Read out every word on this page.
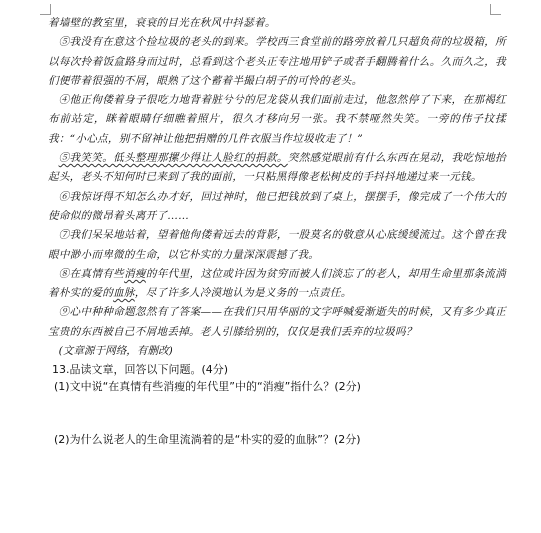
着墙壁的教室里，衰衰的目光在秋风中抖瑟着。

⑤我没有在意这个捡垃圾的老头的到来。学校西三食堂前的路旁放着几只超负荷的垃圾箱，所以每次拎着饭盒路身而过时，总看到这个老头正专注地用铲子或者手翻腾着什么。久而久之，我们便带着很强的不屑，眼熟了这个蓄着半撮白胡子的可怜的老头。

④他正佝偻着身子很吃力地背着脏兮兮的尼龙袋从我们面前走过，他忽然停了下来，在那褐红布前站定，眯着眼睛仔细瞧着照片，很久才移向另一张。我不禁哑然失笑。一旁的伟子抆揉我：“小心点，别不留神让他把捐赠的几件衣服当作垃圾收走了！”

⑤我笑笑。低头整理那摞少得让人脸红的捐款。突然感觉眼前有什么东西在晃动，我吃惊地抬起头，老头不知何时已来到了我的面前，一只粘黑得像老松树皮的手抖抖地递过来一元钱。

⑥我惊讶得不知怎么办才好，回过神时，他已把钱放到了桌上，摆摆手，像完成了一个伟大的使命似的微昂着头离开了……

⑦我们呆呆地站着，望着他佝偻着远去的背影，一股莫名的敬意从心底缓缓流过。这个曾在我眼中渺小而卑微的生命，以它朴实的力量深深震撼了我。

⑧在真情有些消瘦的年代里，这位或许因为贫穷而被人们淡忘了的老人，却用生命里那条流淌着朴实的爱的血脉，尽了许多人冷漠地认为是义务的一点责任。

⑨心中种种命题忽然有了答案——在我们只用华丽的文字呼喊爱渐逝失的时候，又有多少真正宝贵的东西被自己不屑地丢掉。老人引膝给别的，仅仅是我们丢弃的垃圾吗？

(文章源于网络，有删改)

13.品读文章，回答以下问题。(4分)

(1)文中说“在真情有些消瘦的年代里”中的“消瘦”指什么？(2分)

(2)为什么说老人的生命里流淌着的是“朴实的爱的血脉”？(2分)
